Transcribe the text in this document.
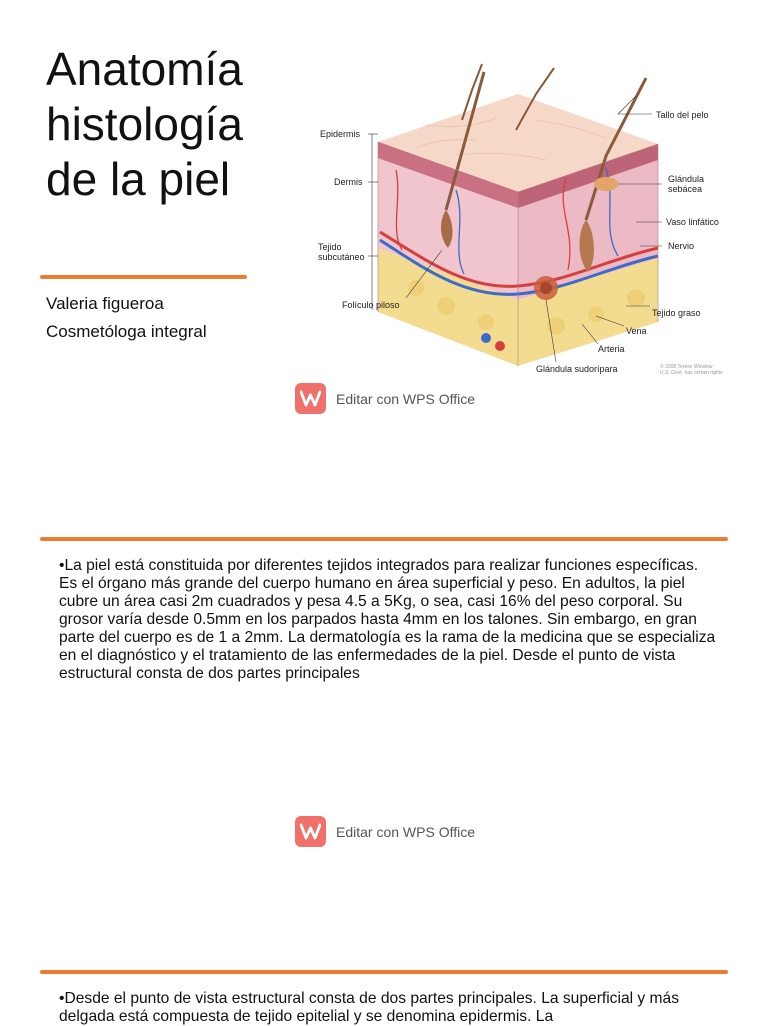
Anatomía histología de la piel
Valeria figueroa
Cosmetóloga integral
Epidermis
Dermis
Tejido
subcutáneo
Folículo piloso
Tallo del pelo
Glándula
sebácea
Vaso linfático
Nervio
Tejido graso
Vena
Arteria
Glándula sudorípara	© 2008 Terese Winslow
U.S. Govt. has certain rights
Editar con WPS Office

•La piel está constituida por diferentes tejidos integrados para realizar funciones específicas. Es el órgano más grande del cuerpo humano en área superficial y peso. En adultos, la piel cubre un área casi 2m cuadrados y pesa 4.5 a 5Kg, o sea, casi 16% del peso corporal. Su grosor varía desde 0.5mm en los parpados hasta 4mm en los talones. Sin embargo, en gran parte del cuerpo es de 1 a 2mm. La dermatología es la rama de la medicina que se especializa en el diagnóstico y el tratamiento de las enfermedades de la piel. Desde el punto de vista estructural consta de dos partes principales

Editar con WPS Office

•Desde el punto de vista estructural consta de dos partes principales. La superficial y más delgada está compuesta de tejido epitelial y se denomina epidermis. La
